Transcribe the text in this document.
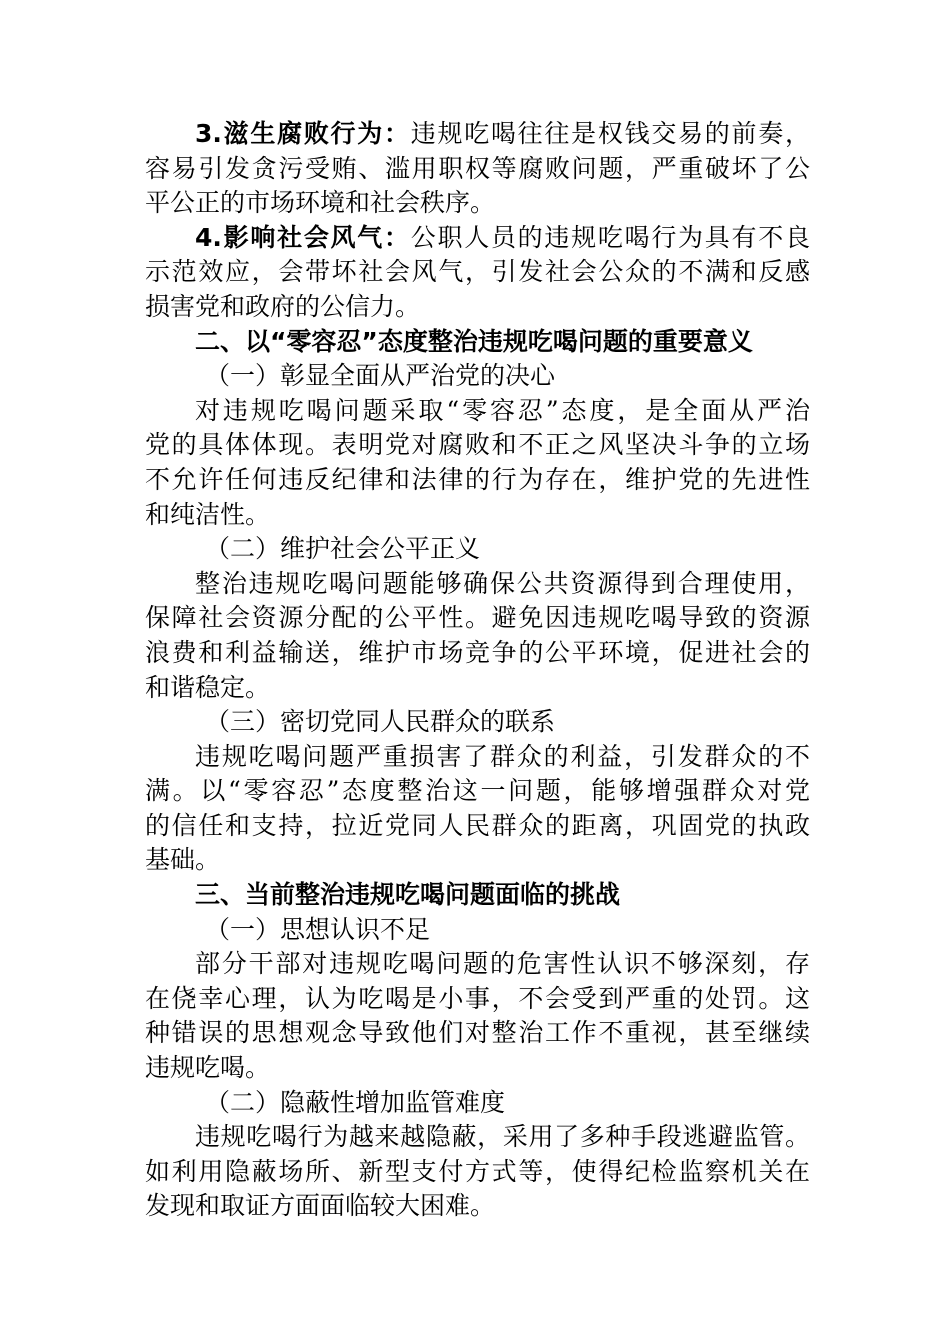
3.滋生腐败行为：违规吃喝往往是权钱交易的前奏，
容易引发贪污受贿、滥用职权等腐败问题，严重破坏了公
平公正的市场环境和社会秩序。
4.影响社会风气：公职人员的违规吃喝行为具有不良
示范效应，会带坏社会风气，引发社会公众的不满和反感
损害党和政府的公信力。
二、以“零容忍”态度整治违规吃喝问题的重要意义
（一）彰显全面从严治党的决心
对违规吃喝问题采取“零容忍”态度，是全面从严治
党的具体体现。表明党对腐败和不正之风坚决斗争的立场
不允许任何违反纪律和法律的行为存在，维护党的先进性
和纯洁性。
（二）维护社会公平正义
整治违规吃喝问题能够确保公共资源得到合理使用，
保障社会资源分配的公平性。避免因违规吃喝导致的资源
浪费和利益输送，维护市场竞争的公平环境，促进社会的
和谐稳定。
（三）密切党同人民群众的联系
违规吃喝问题严重损害了群众的利益，引发群众的不
满。以“零容忍”态度整治这一问题，能够增强群众对党
的信任和支持，拉近党同人民群众的距离，巩固党的执政
基础。
三、当前整治违规吃喝问题面临的挑战
（一）思想认识不足
部分干部对违规吃喝问题的危害性认识不够深刻，存
在侥幸心理，认为吃喝是小事，不会受到严重的处罚。这
种错误的思想观念导致他们对整治工作不重视，甚至继续
违规吃喝。
（二）隐蔽性增加监管难度
违规吃喝行为越来越隐蔽，采用了多种手段逃避监管。
如利用隐蔽场所、新型支付方式等，使得纪检监察机关在
发现和取证方面面临较大困难。
